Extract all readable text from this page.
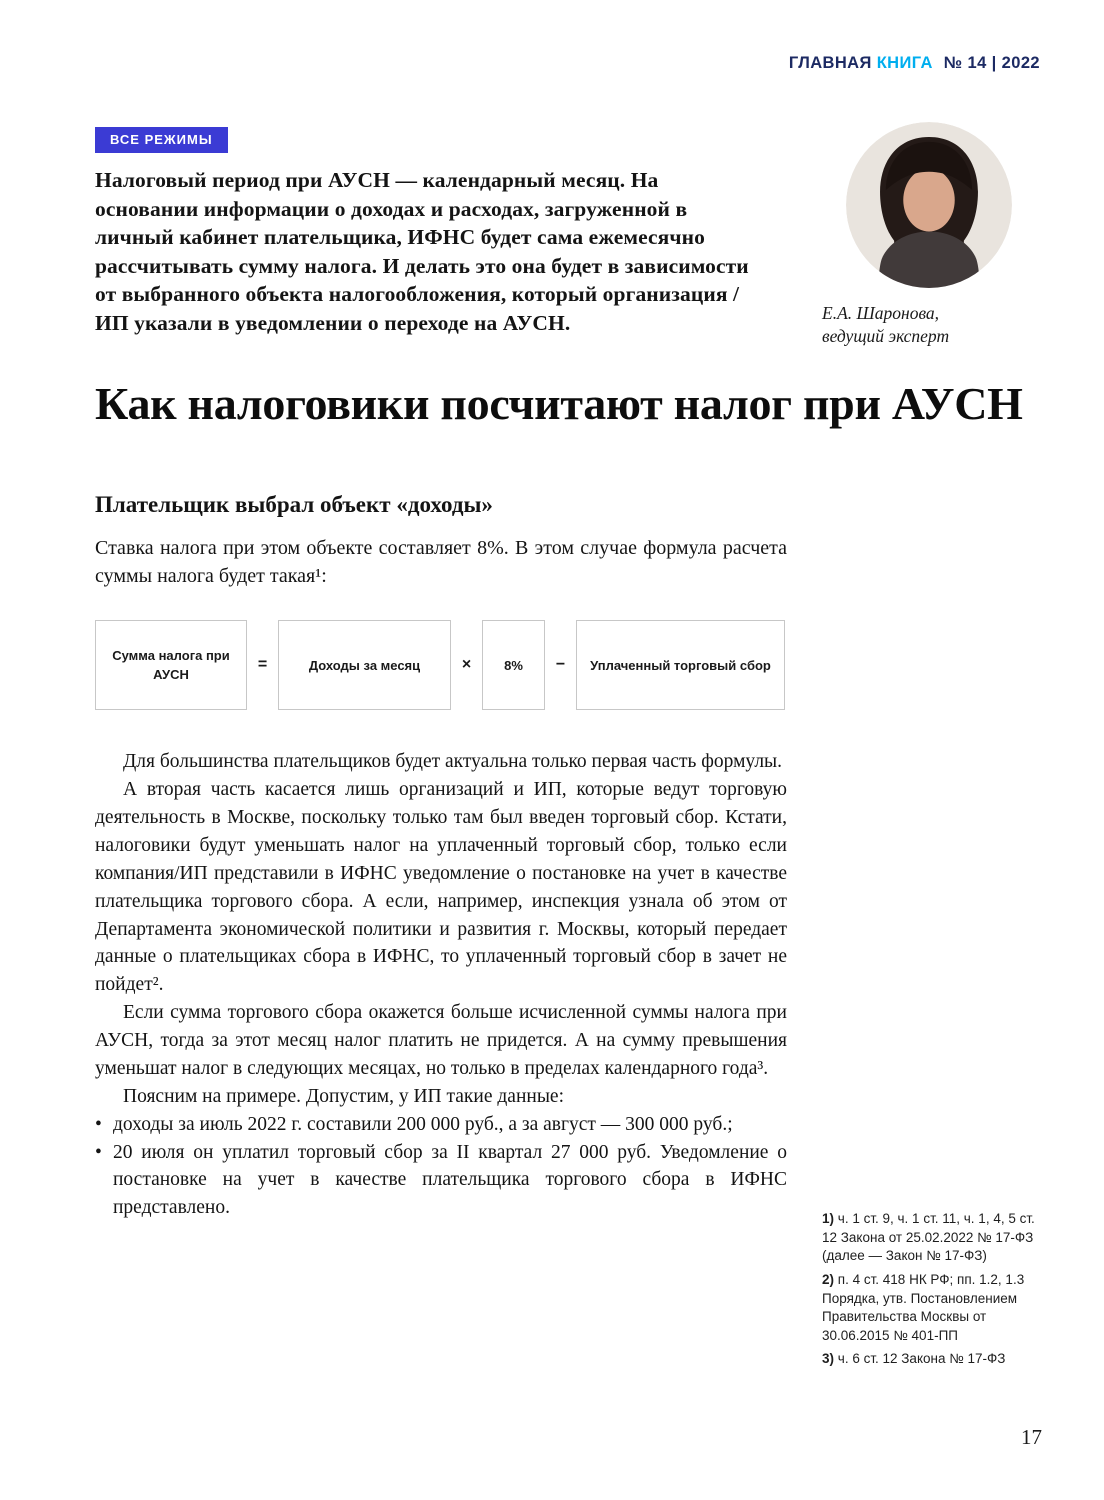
ГЛАВНАЯ КНИГА № 14 | 2022
Е.А. Шаронова,
ведущий эксперт
ВСЕ РЕЖИМЫ
Налоговый период при АУСН — календарный месяц. На основании информации о доходах и расходах, загруженной в личный кабинет плательщика, ИФНС будет сама ежемесячно рассчитывать сумму налога. И делать это она будет в зависимости от выбранного объекта налогообложения, который организация /ИП указали в уведомлении о переходе на АУСН.
Как налоговики посчитают налог при АУСН
Плательщик выбрал объект «доходы»

Ставка налога при этом объекте составляет 8%. В этом случае формула расчета суммы налога будет такая¹:

Сумма налога при АУСН
=	Доходы за месяц	×	8%	−	Уплаченный торговый сбор

Для большинства плательщиков будет актуальна только первая часть формулы.

А вторая часть касается лишь организаций и ИП, которые ведут торговую деятельность в Москве, поскольку только там был введен торговый сбор. Кстати, налоговики будут уменьшать налог на уплаченный торговый сбор, только если компания/ИП представили в ИФНС уведомление о постановке на учет в качестве плательщика торгового сбора. А если, например, инспекция узнала об этом от Департамента экономической политики и развития г. Москвы, который передает данные о плательщиках сбора в ИФНС, то уплаченный торговый сбор в зачет не пойдет².

Если сумма торгового сбора окажется больше исчисленной суммы налога при АУСН, тогда за этот месяц налог платить не придется. А на сумму превышения уменьшат налог в следующих месяцах, но только в пределах календарного года³.

Поясним на примере. Допустим, у ИП такие данные:

• доходы за июль 2022 г. составили 200 000 руб., а за август — 300 000 руб.;
• 20 июля он уплатил торговый сбор за II квартал 27 000 руб. Уведомление о постановке на учет в качестве плательщика торгового сбора в ИФНС представлено.
1) ч. 1 ст. 9, ч. 1 ст. 11, ч. 1, 4, 5 ст. 12 Закона от 25.02.2022 № 17-ФЗ (далее — Закон № 17-ФЗ)
2) п. 4 ст. 418 НК РФ; пп. 1.2, 1.3 Порядка, утв. Постановлением Правительства Москвы от 30.06.2015 № 401-ПП
3) ч. 6 ст. 12 Закона № 17-ФЗ
17
